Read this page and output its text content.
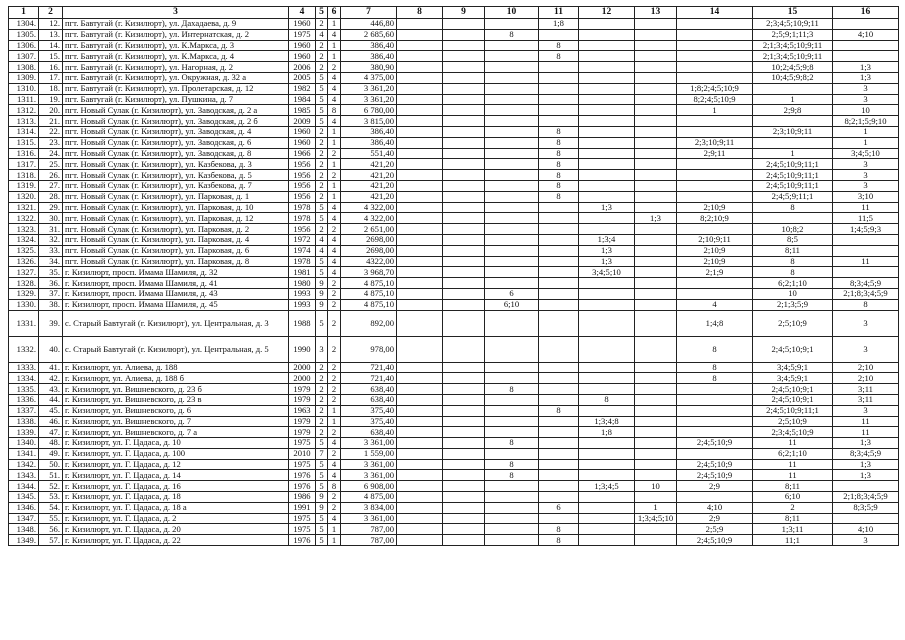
1	2	3	4	5	6	7	8	9	10	11	12	13	14	15	16
1304.	12.	пгт. Бавтугай (г. Кизилюрт), ул. Дахадаева, д. 9	1960	2	1	446,80				1;8				2;3;4;5;10;9;11	
1305.	13.	пгт. Бавтугай (г. Кизилюрт), ул. Интернатская, д. 2	1975	4	4	2 685,60			8					2;5;9;1;11;3	4;10
1306.	14.	пгт. Бавтугай (г. Кизилюрт), ул. К.Маркса, д. 3	1960	2	1	386,40				8				2;1;3;4;5;10;9;11	
1307.	15.	пгт. Бавтугай (г. Кизилюрт), ул. К.Маркса, д. 4	1960	2	1	386,40				8				2;1;3;4;5;10;9;11	
1308.	16.	пгт. Бавтугай (г. Кизилюрт), ул. Нагорная, д. 2	2006	2	2	380,90								10;2;4;5;9;8	1;3
1309.	17.	пгт. Бавтугай (г. Кизилюрт), ул. Окружная, д. 32 а	2005	5	4	4 375,00								10;4;5;9;8;2	1;3
1310.	18.	пгт. Бавтугай (г. Кизилюрт), ул. Пролетарская, д. 12	1982	5	4	3 361,20							1;8;2;4;5;10;9		3
1311.	19.	пгт. Бавтугай (г. Кизилюрт), ул. Пушкина, д. 7	1984	5	4	3 361,20							8;2;4;5;10;9	1	3
1312.	20.	пгт. Новый Сулак (г. Кизилюрт), ул. Заводская, д. 2 а	1985	5	8	6 780,00							1	2;9;8	10
1313.	21.	пгт. Новый Сулак (г. Кизилюрт), ул. Заводская, д. 2 б	2009	5	4	3 815,00									8;2;1;5;9;10
1314.	22.	пгт. Новый Сулак (г. Кизилюрт), ул. Заводская, д. 4	1960	2	1	386,40				8				2;3;10;9;11	1
1315.	23.	пгт. Новый Сулак (г. Кизилюрт), ул. Заводская, д. 6	1960	2	1	386,40				8			2;3;10;9;11		1
1316.	24.	пгт. Новый Сулак (г. Кизилюрт), ул. Заводская, д. 8	1966	2	2	551,40				8			2;9;11	1	3;4;5;10
1317.	25.	пгт. Новый Сулак (г. Кизилюрт), ул. Казбекова, д. 3	1956	2	1	421,20				8				2;4;5;10;9;11;1	3
1318.	26.	пгт. Новый Сулак (г. Кизилюрт), ул. Казбекова, д. 5	1956	2	2	421,20				8				2;4;5;10;9;11;1	3
1319.	27.	пгт. Новый Сулак (г. Кизилюрт), ул. Казбекова, д. 7	1956	2	1	421,20				8				2;4;5;10;9;11;1	3
1320.	28.	пгт. Новый Сулак (г. Кизилюрт), ул. Парковая, д. 1	1956	2	1	421,20				8				2;4;5;9;11;1	3;10
1321.	29.	пгт. Новый Сулак (г. Кизилюрт), ул. Парковая, д. 10	1978	5	4	4 322,00					1;3		2;10;9	8	11
1322.	30.	пгт. Новый Сулак (г. Кизилюрт), ул. Парковая, д. 12	1978	5	4	4 322,00						1;3	8;2;10;9		11;5
1323.	31.	пгт. Новый Сулак (г. Кизилюрт), ул. Парковая, д. 2	1956	2	2	2 651,00								10;8;2	1;4;5;9;3
1324.	32.	пгт. Новый Сулак (г. Кизилюрт), ул. Парковая, д. 4	1972	4	4	2698,00					1;3;4		2;10;9;11	8;5	
1325.	33.	пгт. Новый Сулак (г. Кизилюрт), ул. Парковая, д. 6	1974	4	4	2698,00					1;3		2;10;9	8;11	
1326.	34.	пгт. Новый Сулак (г. Кизилюрт), ул. Парковая, д. 8	1978	5	4	4322,00					1;3		2;10;9	8	11
1327.	35.	г. Кизилюрт, просп. Имама Шамиля, д. 32	1981	5	4	3 968,70					3;4;5;10		2;1;9	8	
1328.	36.	г. Кизилюрт, просп. Имама Шамиля, д. 41	1980	9	2	4 875,10								6;2;1;10	8;3;4;5;9
1329.	37.	г. Кизилюрт, просп. Имама Шамиля, д. 43	1993	9	2	4 875,10			6					10	2;1;8;3;4;5;9
1330.	38.	г. Кизилюрт, просп. Имама Шамиля, д. 45	1993	9	2	4 875,10			6;10				4	2;1;3;5;9	8
1331.	39.	с. Старый Бавтугай (г. Кизилюрт), ул. Центральная, д. 3	1988	5	2	892,00							1;4;8	2;5;10;9	3
1332.	40.	с. Старый Бавтугай (г. Кизилюрт), ул. Центральная, д. 5	1990	3	2	978,00							8	2;4;5;10;9;1	3
1333.	41.	г. Кизилюрт, ул. Алиева, д. 188	2000	2	2	721,40							8	3;4;5;9;1	2;10
1334.	42.	г. Кизилюрт, ул. Алиева, д. 188 б	2000	2	2	721,40							8	3;4;5;9;1	2;10
1335.	43.	г. Кизилюрт, ул. Вишневского, д. 23 б	1979	2	2	638,40			8					2;4;5;10;9;1	3;11
1336.	44.	г. Кизилюрт, ул. Вишневского, д. 23 в	1979	2	2	638,40					8			2;4;5;10;9;1	3;11
1337.	45.	г. Кизилюрт, ул. Вишневского, д. 6	1963	2	1	375,40				8				2;4;5;10;9;11;1	3
1338.	46.	г. Кизилюрт, ул. Вишневского, д. 7	1979	2	1	375,40					1;3;4;8			2;5;10;9	11
1339.	47.	г. Кизилюрт, ул. Вишневского, д. 7 а	1979	2	2	638,40					1;8			2;3;4;5;10;9	11
1340.	48.	г. Кизилюрт, ул. Г. Цадаса, д. 10	1975	5	4	3 361,00			8				2;4;5;10;9	11	1;3
1341.	49.	г. Кизилюрт, ул. Г. Цадаса, д. 100	2010	7	2	1 559,00								6;2;1;10	8;3;4;5;9
1342.	50.	г. Кизилюрт, ул. Г. Цадаса, д. 12	1975	5	4	3 361,00			8				2;4;5;10;9	11	1;3
1343.	51.	г. Кизилюрт, ул. Г. Цадаса, д. 14	1976	5	4	3 361,00			8				2;4;5;10;9	11	1;3
1344.	52.	г. Кизилюрт, ул. Г. Цадаса, д. 16	1976	5	8	6 908,00					1;3;4;5	10	2;9	8;11	
1345.	53.	г. Кизилюрт, ул. Г. Цадаса, д. 18	1986	9	2	4 875,00								6;10	2;1;8;3;4;5;9
1346.	54.	г. Кизилюрт, ул. Г. Цадаса, д. 18 а	1991	9	2	3 834,00				6		1	4;10	2	8;3;5;9
1347.	55.	г. Кизилюрт, ул. Г. Цадаса, д. 2	1975	5	4	3 361,00						1;3;4;5;10	2;9	8;11	
1348.	56.	г. Кизилюрт, ул. Г. Цадаса, д. 20	1975	5	1	787,00				8			2;5;9	1;3;11	4;10
1349.	57.	г. Кизилюрт, ул. Г. Цадаса, д. 22	1976	5	1	787,00				8			2;4;5;10;9	11;1	3
